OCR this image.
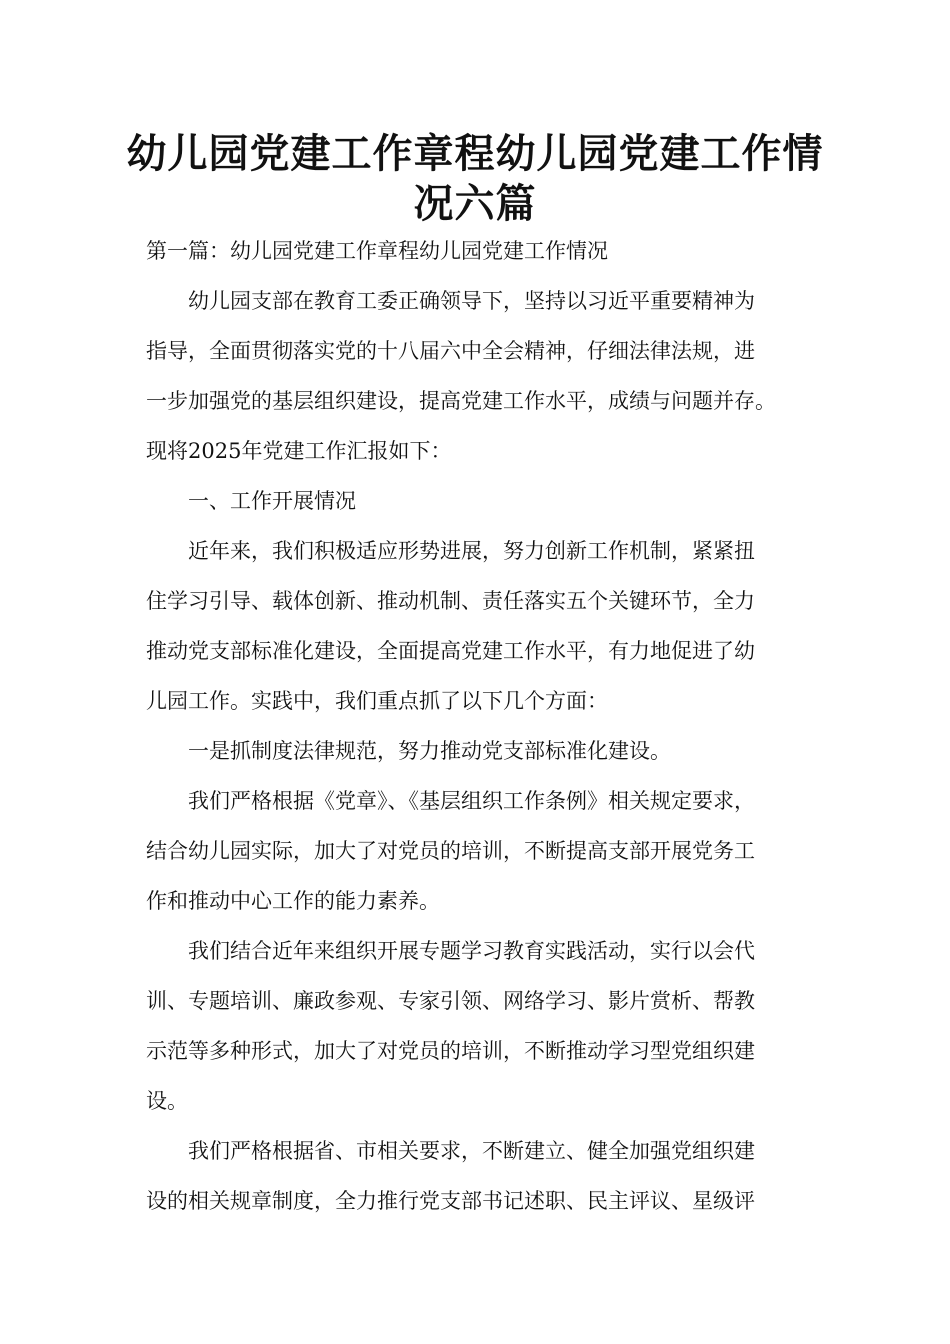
幼儿园党建工作章程幼儿园党建工作情
况六篇
第一篇：幼儿园党建工作章程幼儿园党建工作情况
幼儿园支部在教育工委正确领导下，坚持以习近平重要精神为
指导，全面贯彻落实党的十八届六中全会精神，仔细法律法规，进
一步加强党的基层组织建设，提高党建工作水平，成绩与问题并存。
现将2025年党建工作汇报如下：
一、工作开展情况
近年来，我们积极适应形势进展，努力创新工作机制，紧紧扭
住学习引导、载体创新、推动机制、责任落实五个关键环节，全力
推动党支部标准化建设，全面提高党建工作水平，有力地促进了幼
儿园工作。实践中，我们重点抓了以下几个方面：
一是抓制度法律规范，努力推动党支部标准化建设。
我们严格根据《党章》、《基层组织工作条例》相关规定要求，
结合幼儿园实际，加大了对党员的培训，不断提高支部开展党务工
作和推动中心工作的能力素养。
我们结合近年来组织开展专题学习教育实践活动，实行以会代
训、专题培训、廉政参观、专家引领、网络学习、影片赏析、帮教
示范等多种形式，加大了对党员的培训，不断推动学习型党组织建
设。
我们严格根据省、市相关要求，不断建立、健全加强党组织建
设的相关规章制度，全力推行党支部书记述职、民主评议、星级评
